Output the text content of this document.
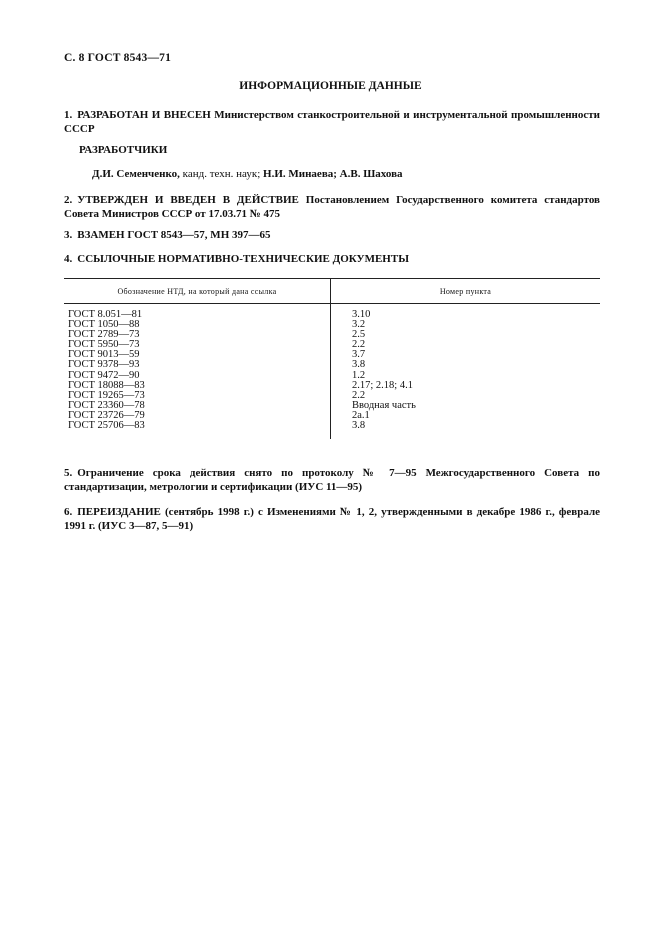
С. 8 ГОСТ 8543—71
ИНФОРМАЦИОННЫЕ ДАННЫЕ
1. РАЗРАБОТАН И ВНЕСЕН Министерством станкостроительной и инструментальной промышленности СССР
РАЗРАБОТЧИКИ
Д.И. Семенченко, канд. техн. наук; Н.И. Минаева; А.В. Шахова
2. УТВЕРЖДЕН И ВВЕДЕН В ДЕЙСТВИЕ Постановлением Государственного комитета стандартов Совета Министров СССР от 17.03.71 № 475
3. ВЗАМЕН ГОСТ 8543—57, МН 397—65
4. ССЫЛОЧНЫЕ НОРМАТИВНО-ТЕХНИЧЕСКИЕ ДОКУМЕНТЫ
Обозначение НТД, на который дана ссылка	Номер пункта
ГОСТ 8.051—81	3.10
ГОСТ 1050—88	3.2
ГОСТ 2789—73	2.5
ГОСТ 5950—73	2.2
ГОСТ 9013—59	3.7
ГОСТ 9378—93	3.8
ГОСТ 9472—90	1.2
ГОСТ 18088—83	2.17; 2.18; 4.1
ГОСТ 19265—73	2.2
ГОСТ 23360—78	Вводная часть
ГОСТ 23726—79	2а.1
ГОСТ 25706—83	3.8
5. Ограничение срока действия снято по протоколу № 7—95 Межгосударственного Совета по стандартизации, метрологии и сертификации (ИУС 11—95)
6. ПЕРЕИЗДАНИЕ (сентябрь 1998 г.) с Изменениями № 1, 2, утвержденными в декабре 1986 г., феврале 1991 г. (ИУС 3—87, 5—91)
